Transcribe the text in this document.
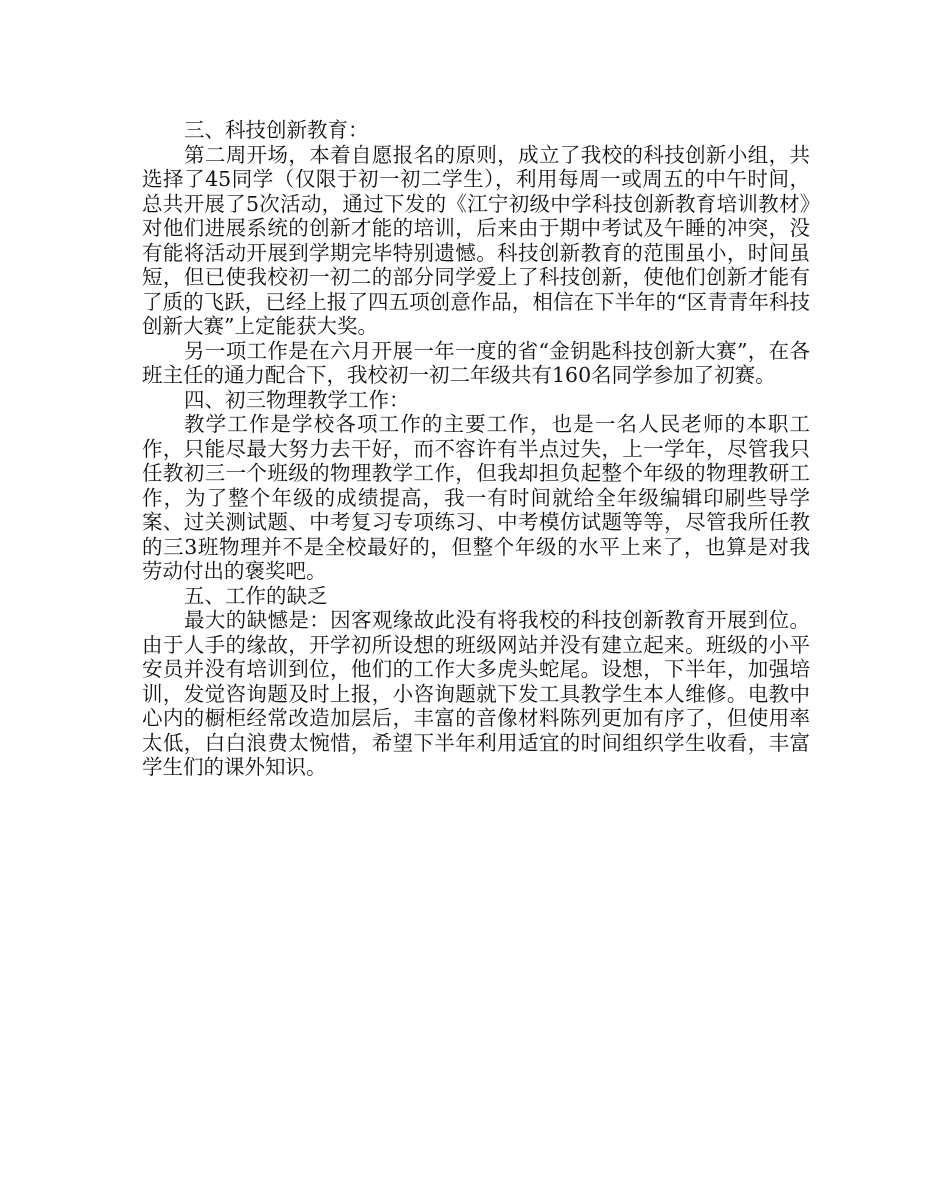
三、科技创新教育：

第二周开场，本着自愿报名的原则，成立了我校的科技创新小组，共选择了45同学（仅限于初一初二学生），利用每周一或周五的中午时间，总共开展了5次活动，通过下发的《江宁初级中学科技创新教育培训教材》对他们进展系统的创新才能的培训，后来由于期中考试及午睡的冲突，没有能将活动开展到学期完毕特别遗憾。科技创新教育的范围虽小，时间虽短，但已使我校初一初二的部分同学爱上了科技创新，使他们创新才能有了质的飞跃，已经上报了四五项创意作品，相信在下半年的“区青青年科技创新大赛”上定能获大奖。

另一项工作是在六月开展一年一度的省“金钥匙科技创新大赛”，在各班主任的通力配合下，我校初一初二年级共有160名同学参加了初赛。

四、初三物理教学工作：

教学工作是学校各项工作的主要工作，也是一名人民老师的本职工作，只能尽最大努力去干好，而不容许有半点过失，上一学年，尽管我只任教初三一个班级的物理教学工作，但我却担负起整个年级的物理教研工作，为了整个年级的成绩提高，我一有时间就给全年级编辑印刷些导学案、过关测试题、中考复习专项练习、中考模仿试题等等，尽管我所任教的三3班物理并不是全校最好的，但整个年级的水平上来了，也算是对我劳动付出的褒奖吧。

五、工作的缺乏

最大的缺憾是：因客观缘故此没有将我校的科技创新教育开展到位。由于人手的缘故，开学初所设想的班级网站并没有建立起来。班级的小平安员并没有培训到位，他们的工作大多虎头蛇尾。设想，下半年，加强培训，发觉咨询题及时上报，小咨询题就下发工具教学生本人维修。电教中心内的橱柜经常改造加层后，丰富的音像材料陈列更加有序了，但使用率太低，白白浪费太惋惜，希望下半年利用适宜的时间组织学生收看，丰富学生们的课外知识。
